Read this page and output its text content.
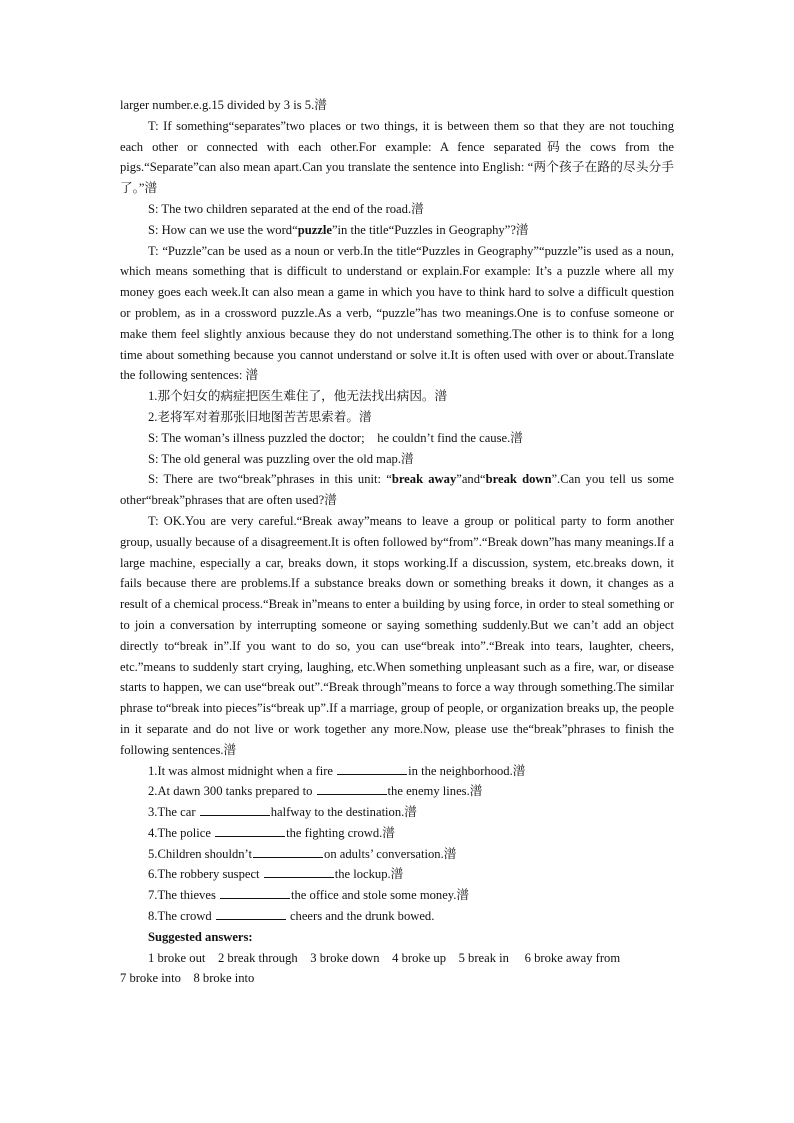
larger number.e.g.15 divided by 3 is 5.潽

T: If something“separates”two places or two things, it is between them so that they are not touching each other or connected with each other.For example: A fence separated码the cows from the pigs.“Separate”can also mean apart.Can you translate the sentence into English: “两个孩子在路的尽头分手了。”潽

S: The two children separated at the end of the road.潽

S: How can we use the word“puzzle”in the title“Puzzles in Geography”?潽

T: “Puzzle”can be used as a noun or verb.In the title“Puzzles in Geography”“puzzle”is used as a noun, which means something that is difficult to understand or explain.For example: It’s a puzzle where all my money goes each week.It can also mean a game in which you have to think hard to solve a difficult question or problem, as in a crossword puzzle.As a verb, “puzzle”has two meanings.One is to confuse someone or make them feel slightly anxious because they do not understand something.The other is to think for a long time about something because you cannot understand or solve it.It is often used with over or about.Translate the following sentences: 潽

1.那个妇女的病症把医生难住了，他无法找出病因。潽

2.老将军对着那张旧地图苦苦思索着。潽

S: The woman’s illness puzzled the doctor;    he couldn’t find the cause.潽

S: The old general was puzzling over the old map.潽

S: There are two“break”phrases in this unit: “break away”and“break down”.Can you tell us some other“break”phrases that are often used?潽

T: OK.You are very careful.“Break away”means to leave a group or political party to form another group, usually because of a disagreement.It is often followed by“from”.“Break down”has many meanings.If a large machine, especially a car, breaks down, it stops working.If a discussion, system, etc.breaks down, it fails because there are problems.If a substance breaks down or something breaks it down, it changes as a result of a chemical process.“Break in”means to enter a building by using force, in order to steal something or to join a conversation by interrupting someone or saying something suddenly.But we can’t add an object directly to“break in”.If you want to do so, you can use“break into”.“Break into tears, laughter, cheers, etc.”means to suddenly start crying, laughing, etc.When something unpleasant such as a fire, war, or disease starts to happen, we can use“break out”.“Break through”means to force a way through something.The similar phrase to“break into pieces”is“break up”.If a marriage, group of people, or organization breaks up, the people in it separate and do not live or work together any more.Now, please use the“break”phrases to finish the following sentences.潽

1.It was almost midnight when a fire	in the neighborhood.潽

2.At dawn 300 tanks prepared to	the enemy lines.潽

3.The car	halfway to the destination.潽

4.The police	the fighting crowd.潽

5.Children shouldn’t	on adults’ conversation.潽

6.The robbery suspect	the lockup.潽

7.The thieves	the office and stole some money.潽

8.The crowd	cheers and the drunk bowed.

Suggested answers:

1 broke out    2 break through    3 broke down    4 broke up    5 break in     6 broke away from

7 broke into    8 broke into
